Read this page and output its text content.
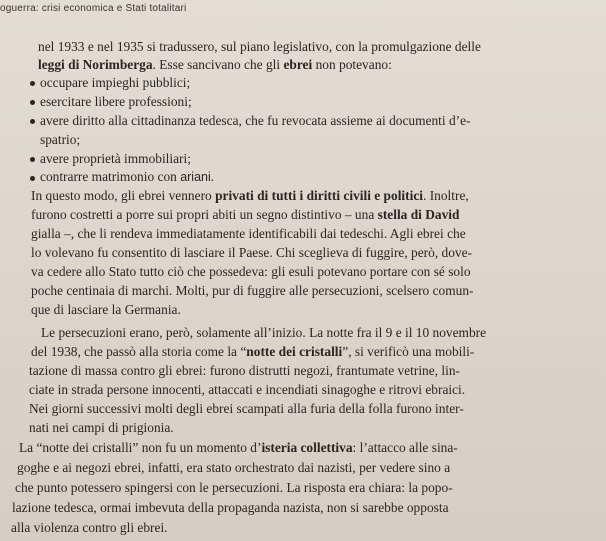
oguerra: crisi economica e Stati totalitari
nel 1933 e nel 1935 si tradussero, sul piano legislativo, con la promulgazione delle
leggi di Norimberga. Esse sancivano che gli ebrei non potevano:
occupare impieghi pubblici;
esercitare libere professioni;
avere diritto alla cittadinanza tedesca, che fu revocata assieme ai documenti d’e-
spatrio;
avere proprietà immobiliari;
contrarre matrimonio con ariani.
In questo modo, gli ebrei vennero privati di tutti i diritti civili e politici. Inoltre,
furono costretti a porre sui propri abiti un segno distintivo – una stella di David
gialla –, che li rendeva immediatamente identificabili dai tedeschi. Agli ebrei che
lo volevano fu consentito di lasciare il Paese. Chi sceglieva di fuggire, però, dove-
va cedere allo Stato tutto ciò che possedeva: gli esuli potevano portare con sé solo
poche centinaia di marchi. Molti, pur di fuggire alle persecuzioni, scelsero comun-
que di lasciare la Germania.
Le persecuzioni erano, però, solamente all’inizio. La notte fra il 9 e il 10 novembre
del 1938, che passò alla storia come la “notte dei cristalli”, si verificò una mobili-
tazione di massa contro gli ebrei: furono distrutti negozi, frantumate vetrine, lin-
ciate in strada persone innocenti, attaccati e incendiati sinagoghe e ritrovi ebraici.
Nei giorni successivi molti degli ebrei scampati alla furia della folla furono inter-
nati nei campi di prigionia.
La “notte dei cristalli” non fu un momento d’isteria collettiva: l’attacco alle sina-
goghe e ai negozi ebrei, infatti, era stato orchestrato dai nazisti, per vedere sino a
che punto potessero spingersi con le persecuzioni. La risposta era chiara: la popo-
lazione tedesca, ormai imbevuta della propaganda nazista, non si sarebbe opposta
alla violenza contro gli ebrei.
